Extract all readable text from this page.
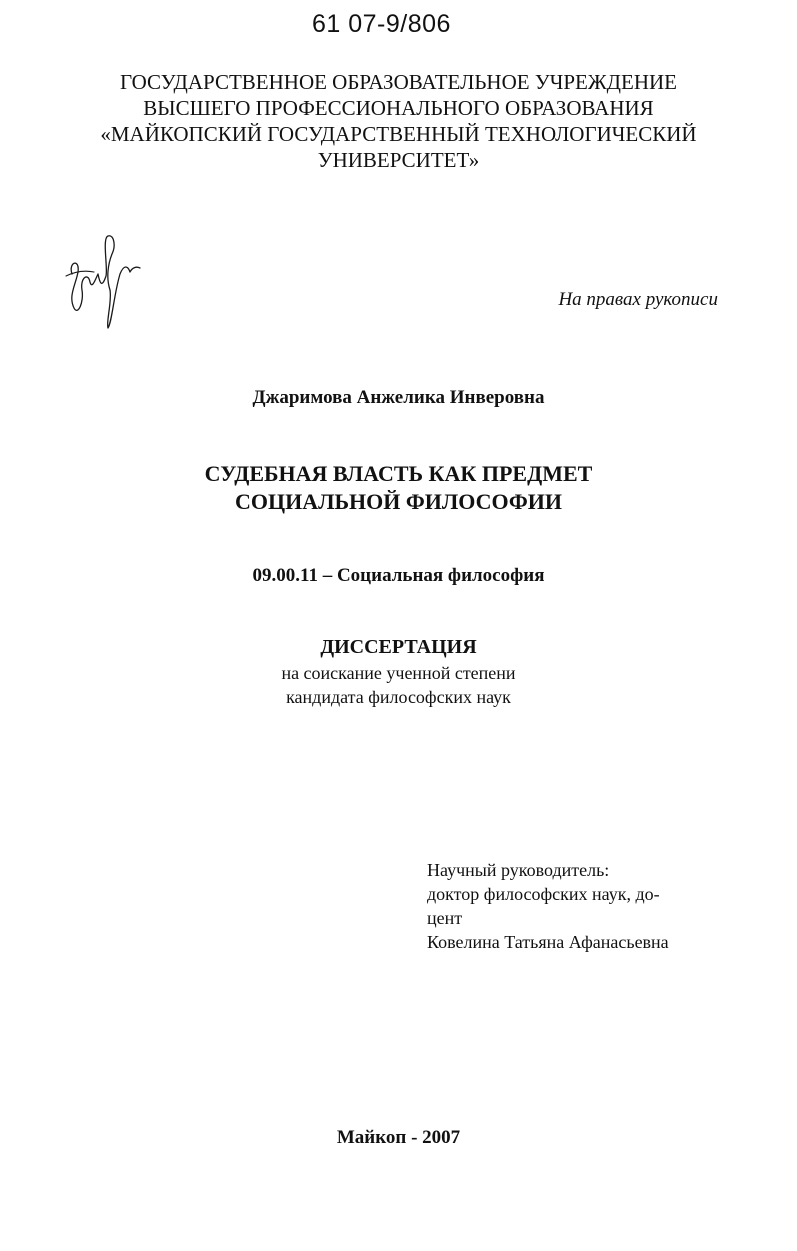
61 07-9/806
ГОСУДАРСТВЕННОЕ ОБРАЗОВАТЕЛЬНОЕ УЧРЕЖДЕНИЕ
ВЫСШЕГО ПРОФЕССИОНАЛЬНОГО ОБРАЗОВАНИЯ
«МАЙКОПСКИЙ ГОСУДАРСТВЕННЫЙ ТЕХНОЛОГИЧЕСКИЙ
УНИВЕРСИТЕТ»
На правах рукописи
Джаримова Анжелика Инверовна
СУДЕБНАЯ ВЛАСТЬ КАК ПРЕДМЕТ
СОЦИАЛЬНОЙ ФИЛОСОФИИ
09.00.11 – Социальная философия
ДИССЕРТАЦИЯ
на соискание ученной степени
кандидата философских наук
Научный руководитель:
доктор философских наук, до-
цент
Ковелина Татьяна Афанасьевна
Майкоп - 2007
